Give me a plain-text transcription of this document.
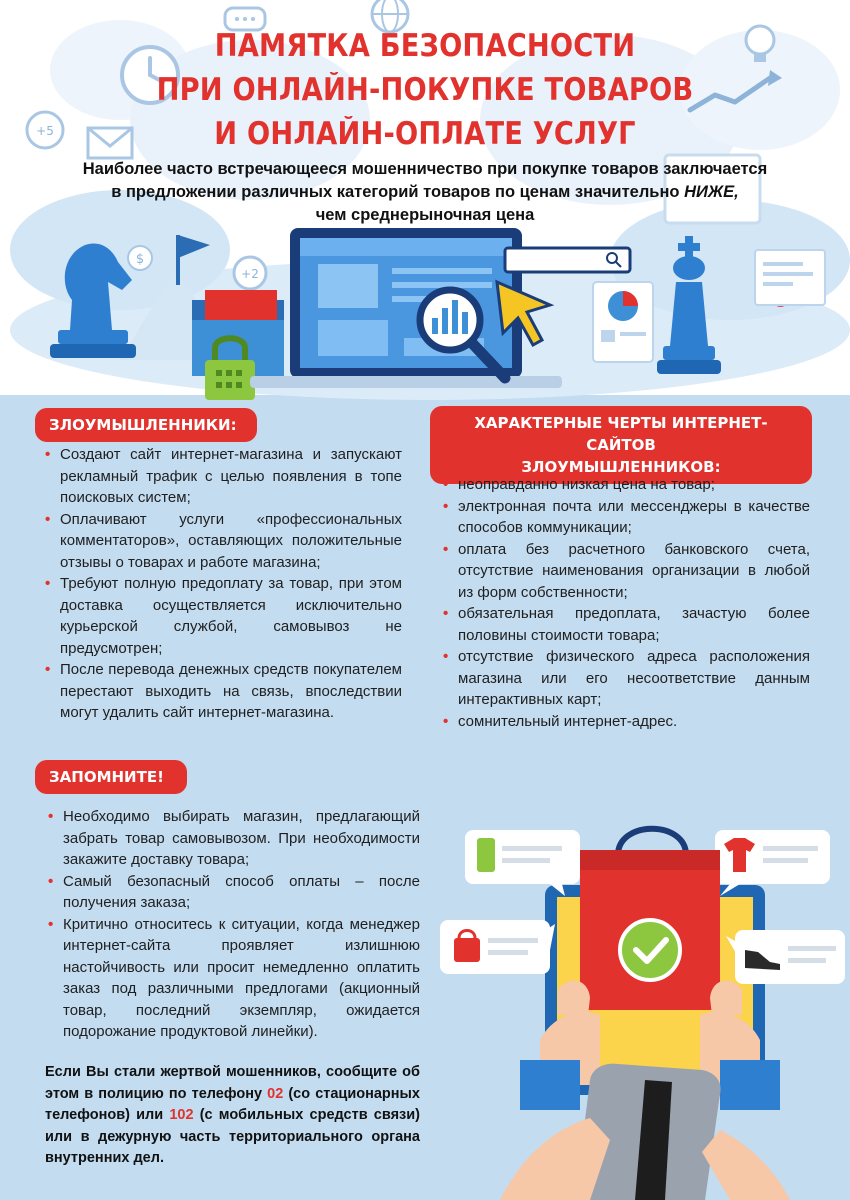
+5
$
+2
ПАМЯТКА БЕЗОПАСНОСТИ
ПРИ ОНЛАЙН-ПОКУПКЕ ТОВАРОВ
И ОНЛАЙН-ОПЛАТЕ УСЛУГ
Наиболее часто встречающееся мошенничество при покупке товаров заключается
в предложении различных категорий товаров по ценам значительно НИЖЕ,
чем среднерыночная цена
ЗЛОУМЫШЛЕННИКИ:
• Создают сайт интернет-магазина и запускают рекламный трафик с целью появления в топе поисковых систем;
• Оплачивают услуги «профессиональных комментаторов», оставляющих положительные отзывы о товарах и работе магазина;
• Требуют полную предоплату за товар, при этом доставка осуществляется исключительно курьерской службой, самовывоз не предусмотрен;
• После перевода денежных средств покупателем перестают выходить на связь, впоследствии могут удалить сайт интернет-магазина.
ХАРАКТЕРНЫЕ ЧЕРТЫ ИНТЕРНЕТ-САЙТОВ
ЗЛОУМЫШЛЕННИКОВ:
• неоправданно низкая цена на товар;
• электронная почта или мессенджеры в качестве способов коммуникации;
• оплата без расчетного банковского счета, отсутствие наименования организации в любой из форм собственности;
• обязательная предоплата, зачастую более половины стоимости товара;
• отсутствие физического адреса расположения магазина или его несоответствие данным интерактивных карт;
• сомнительный интернет-адрес.
ЗАПОМНИТЕ!
• Необходимо выбирать магазин, предлагающий забрать товар самовывозом. При необходимости закажите доставку товара;
• Самый безопасный способ оплаты – после получения заказа;
• Критично относитесь к ситуации, когда менеджер интернет-сайта проявляет излишнюю настойчивость или просит немедленно оплатить заказ под различными предлогами (акционный товар, последний экземпляр, ожидается подорожание продуктовой линейки).
Если Вы стали жертвой мошенников, сообщите об этом в полицию по телефону 02 (со стационарных телефонов) или 102 (с мобильных средств связи) или в дежурную часть территориального органа внутренних дел.
